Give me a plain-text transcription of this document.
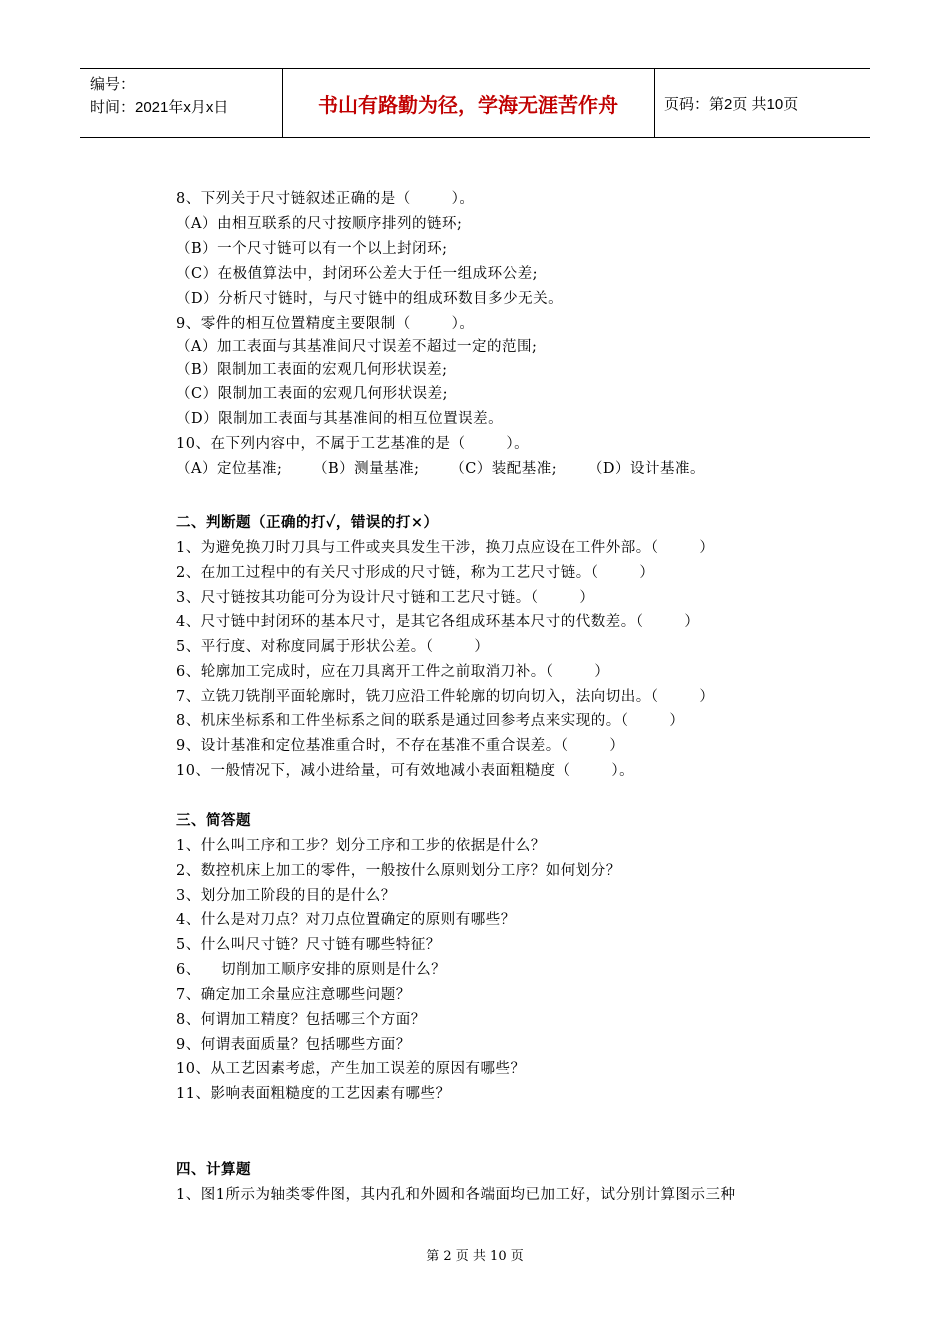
编号：
时间：2021年x月x日	书山有路勤为径，学海无涯苦作舟	页码：第2页 共10页
8、下列关于尺寸链叙述正确的是（        ）。
（A）由相互联系的尺寸按顺序排列的链环;
（B）一个尺寸链可以有一个以上封闭环;
（C）在极值算法中，封闭环公差大于任一组成环公差;
（D）分析尺寸链时，与尺寸链中的组成环数目多少无关。
9、零件的相互位置精度主要限制（        ）。
（A）加工表面与其基准间尺寸误差不超过一定的范围;
（B）限制加工表面的宏观几何形状误差;
（C）限制加工表面的宏观几何形状误差;
（D）限制加工表面与其基准间的相互位置误差。
10、在下列内容中，不属于工艺基准的是（        ）。
（A）定位基准;      （B）测量基准;      （C）装配基准;      （D）设计基准。
二、判断题（正确的打✓，错误的打×）
1、为避免换刀时刀具与工件或夹具发生干涉，换刀点应设在工件外部。（        ）
2、在加工过程中的有关尺寸形成的尺寸链，称为工艺尺寸链。（        ）
3、尺寸链按其功能可分为设计尺寸链和工艺尺寸链。（        ）
4、尺寸链中封闭环的基本尺寸，是其它各组成环基本尺寸的代数差。（        ）
5、平行度、对称度同属于形状公差。（        ）
6、轮廓加工完成时，应在刀具离开工件之前取消刀补。（        ）
7、立铣刀铣削平面轮廓时，铣刀应沿工件轮廓的切向切入，法向切出。（        ）
8、机床坐标系和工件坐标系之间的联系是通过回参考点来实现的。（        ）
9、设计基准和定位基准重合时，不存在基准不重合误差。（        ）
10、一般情况下，减小进给量，可有效地减小表面粗糙度（        ）。
三、简答题
1、什么叫工序和工步？划分工序和工步的依据是什么？
2、数控机床上加工的零件，一般按什么原则划分工序？如何划分？
3、划分加工阶段的目的是什么？
4、什么是对刀点？对刀点位置确定的原则有哪些？
5、什么叫尺寸链？尺寸链有哪些特征？
6、    切削加工顺序安排的原则是什么？
7、确定加工余量应注意哪些问题？
8、何谓加工精度？包括哪三个方面？
9、何谓表面质量？包括哪些方面？
10、从工艺因素考虑，产生加工误差的原因有哪些？
11、影响表面粗糙度的工艺因素有哪些？
四、计算题
1、图1所示为轴类零件图，其内孔和外圆和各端面均已加工好，试分别计算图示三种
第 2 页 共 10 页
